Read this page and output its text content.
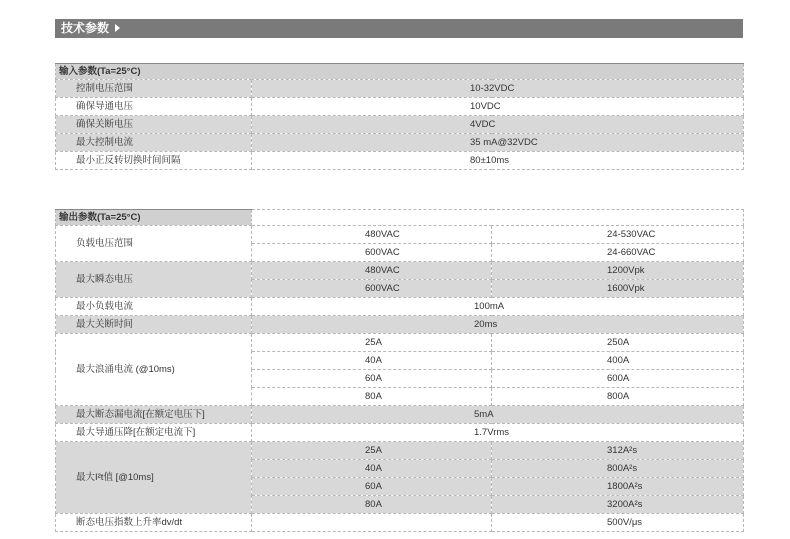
技术参数
输入参数(Ta=25°C)	
控制电压范围	10-32VDC
确保导通电压	10VDC
确保关断电压	4VDC
最大控制电流	35 mA@32VDC
最小正反转切换时间间隔	80±10ms
输出参数(Ta=25°C)		
负载电压范围	480VAC	24-530VAC
	600VAC	24-660VAC
最大瞬态电压	480VAC	1200Vpk
	600VAC	1600Vpk
最小负载电流	100mA	
最大关断时间	20ms	
最大浪涌电流 (@10ms)	25A	250A
	40A	400A
	60A	600A
	80A	800A
最大断态漏电流[在额定电压下]	5mA	
最大导通压降[在额定电流下]	1.7Vrms	
最大I²t值 [@10ms]	25A	312A²s
	40A	800A²s
	60A	1800A²s
	80A	3200A²s
断态电压指数上升率dv/dt		500V/μs
